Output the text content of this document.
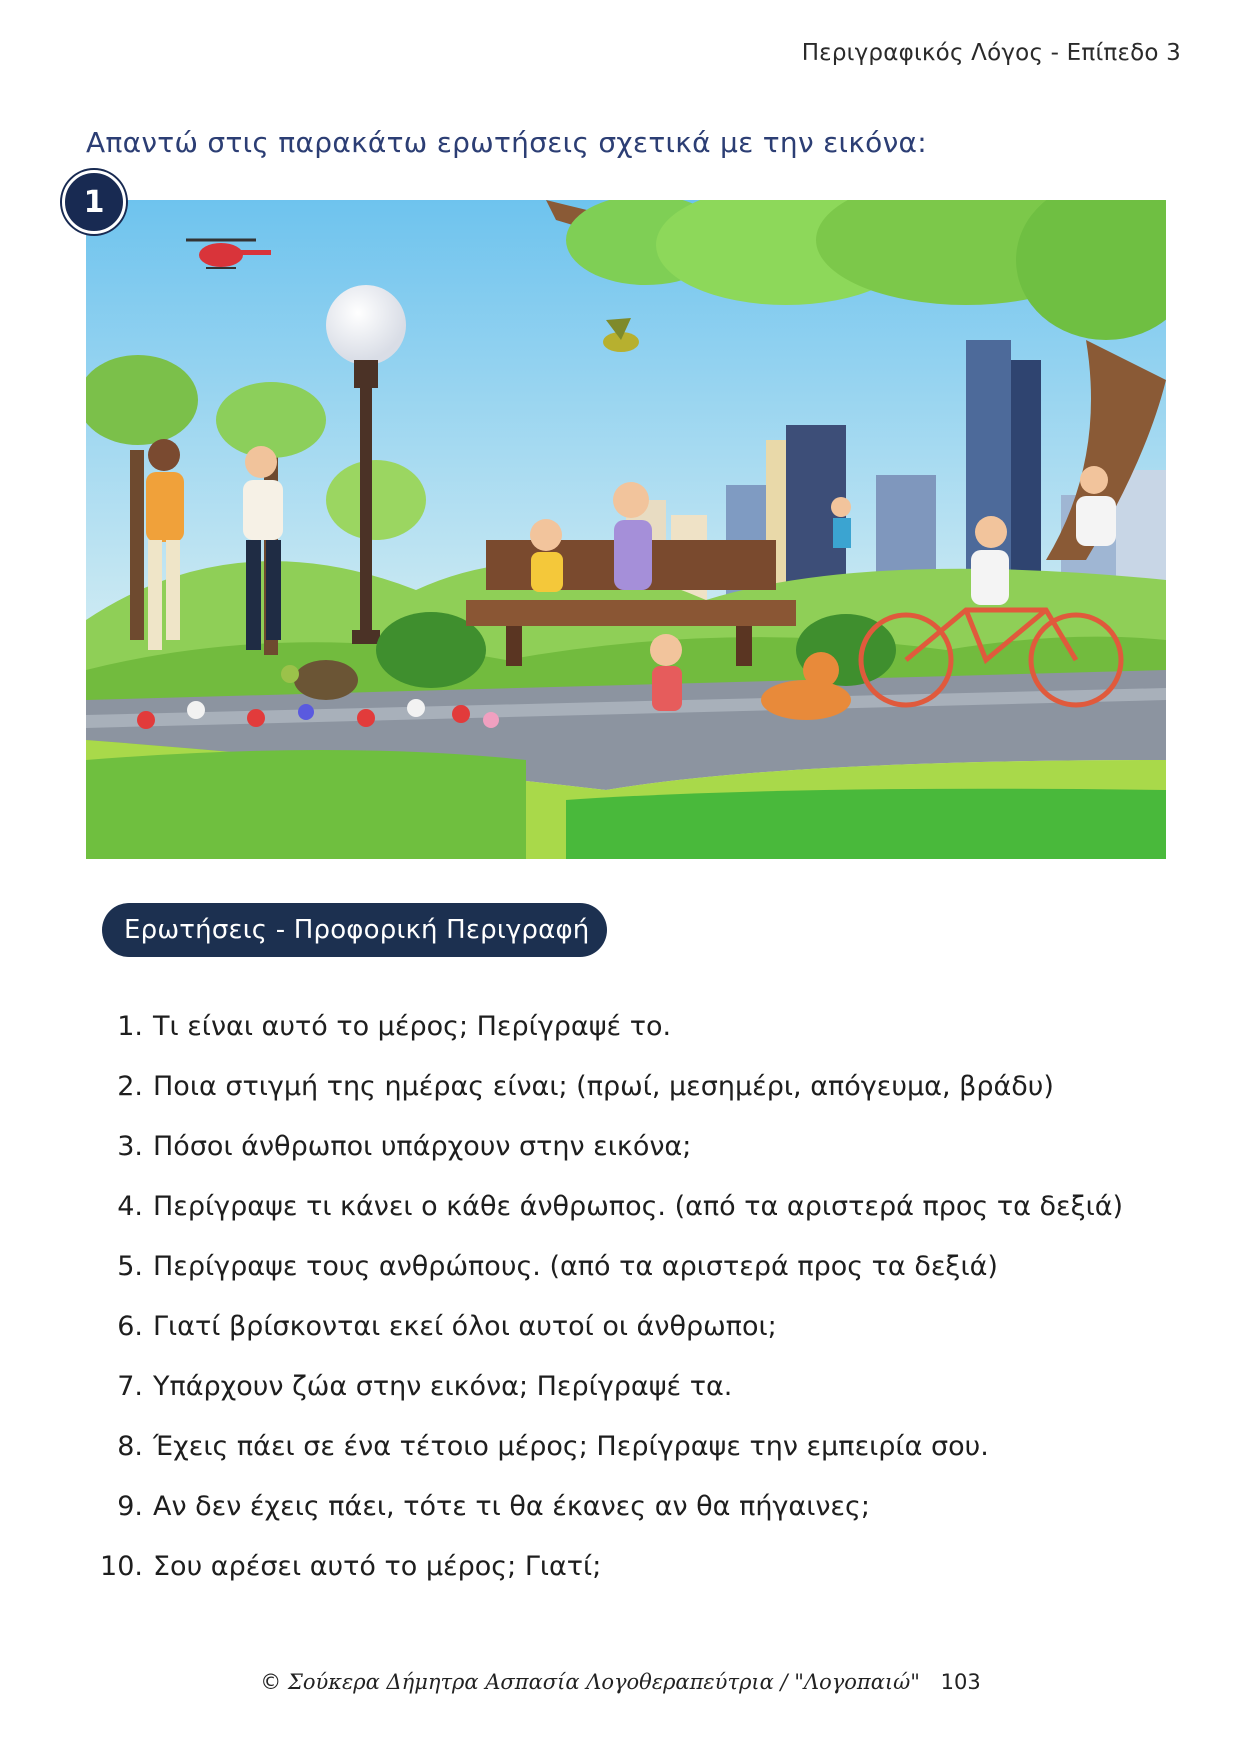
Περιγραφικός Λόγος - Επίπεδο 3
Απαντώ στις παρακάτω ερωτήσεις σχετικά με την εικόνα:
1
Ερωτήσεις - Προφορική Περιγραφή
1. Τι είναι αυτό το μέρος; Περίγραψέ το.
2. Ποια στιγμή της ημέρας είναι; (πρωί, μεσημέρι, απόγευμα, βράδυ)
3. Πόσοι άνθρωποι υπάρχουν στην εικόνα;
4. Περίγραψε τι κάνει ο κάθε άνθρωπος. (από τα αριστερά προς τα δεξιά)
5. Περίγραψε τους ανθρώπους. (από τα αριστερά προς τα δεξιά)
6. Γιατί βρίσκονται εκεί όλοι αυτοί οι άνθρωποι;
7. Υπάρχουν ζώα στην εικόνα; Περίγραψέ τα.
8. Έχεις πάει σε ένα τέτοιο μέρος; Περίγραψε την εμπειρία σου.
9. Αν δεν έχεις πάει, τότε τι θα έκανες αν θα πήγαινες;
10. Σου αρέσει αυτό το μέρος; Γιατί;
© Σούκερα Δήμητρα Ασπασία Λογοθεραπεύτρια / "Λογοπαιώ" 103
